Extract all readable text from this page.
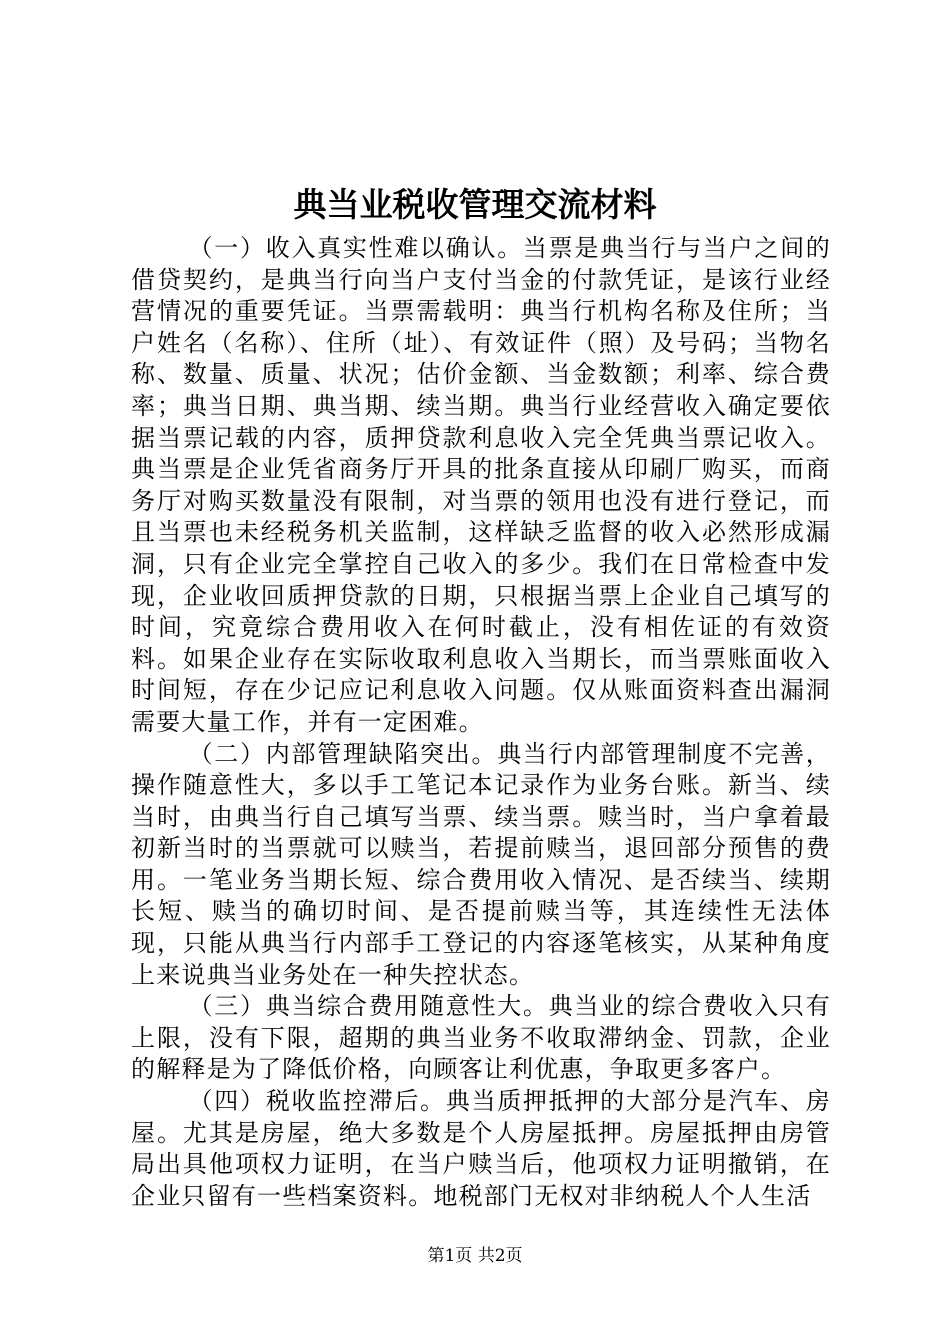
典当业税收管理交流材料

（一）收入真实性难以确认。当票是典当行与当户之间的借贷契约，是典当行向当户支付当金的付款凭证，是该行业经营情况的重要凭证。当票需载明：典当行机构名称及住所；当户姓名（名称）、住所（址）、有效证件（照）及号码；当物名称、数量、质量、状况；估价金额、当金数额；利率、综合费率；典当日期、典当期、续当期。典当行业经营收入确定要依据当票记载的内容，质押贷款利息收入完全凭典当票记收入。典当票是企业凭省商务厅开具的批条直接从印刷厂购买，而商务厅对购买数量没有限制，对当票的领用也没有进行登记，而且当票也未经税务机关监制，这样缺乏监督的收入必然形成漏洞，只有企业完全掌控自己收入的多少。我们在日常检查中发现，企业收回质押贷款的日期，只根据当票上企业自己填写的时间，究竟综合费用收入在何时截止，没有相佐证的有效资料。如果企业存在实际收取利息收入当期长，而当票账面收入时间短，存在少记应记利息收入问题。仅从账面资料查出漏洞需要大量工作，并有一定困难。

（二）内部管理缺陷突出。典当行内部管理制度不完善，操作随意性大，多以手工笔记本记录作为业务台账。新当、续当时，由典当行自己填写当票、续当票。赎当时，当户拿着最初新当时的当票就可以赎当，若提前赎当，退回部分预售的费用。一笔业务当期长短、综合费用收入情况、是否续当、续期长短、赎当的确切时间、是否提前赎当等，其连续性无法体现，只能从典当行内部手工登记的内容逐笔核实，从某种角度上来说典当业务处在一种失控状态。

（三）典当综合费用随意性大。典当业的综合费收入只有上限，没有下限，超期的典当业务不收取滞纳金、罚款，企业的解释是为了降低价格，向顾客让利优惠，争取更多客户。

（四）税收监控滞后。典当质押抵押的大部分是汽车、房屋。尤其是房屋，绝大多数是个人房屋抵押。房屋抵押由房管局出具他项权力证明，在当户赎当后，他项权力证明撤销，在企业只留有一些档案资料。地税部门无权对非纳税人个人生活

第1页 共2页
